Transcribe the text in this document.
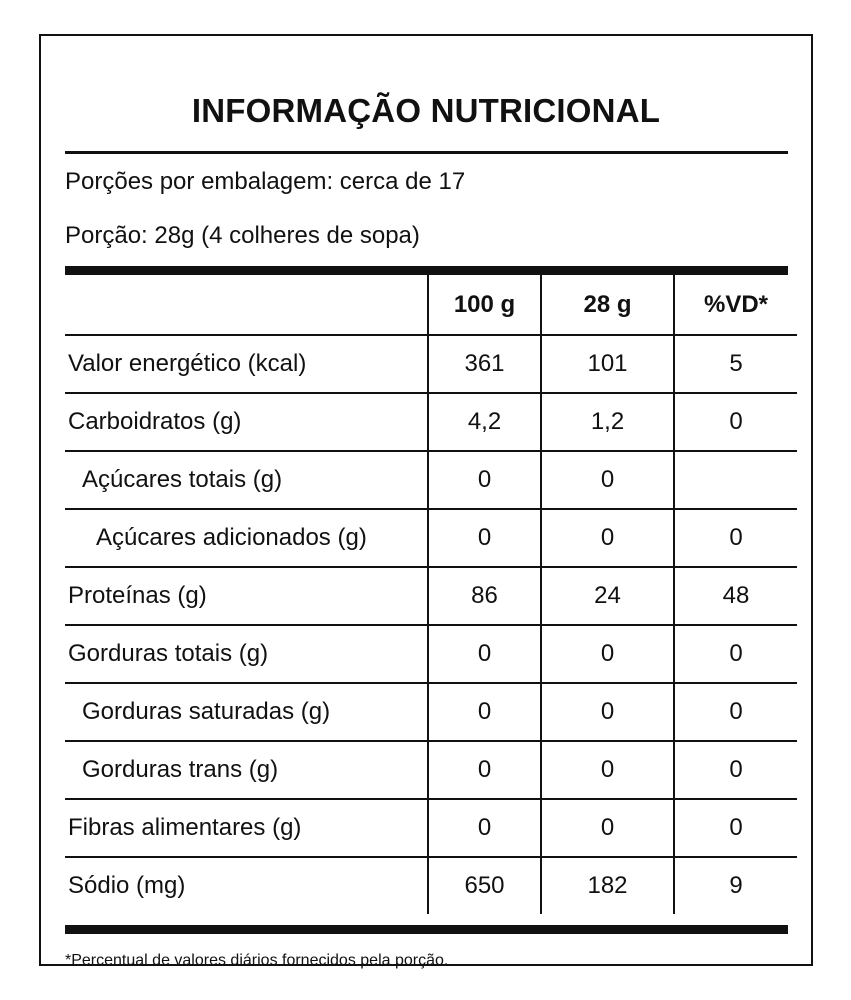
INFORMAÇÃO NUTRICIONAL
Porções por embalagem: cerca de 17
Porção: 28g (4 colheres de sopa)
	100 g	28 g	%VD*
Valor energético (kcal)	361	101	5
Carboidratos (g)	4,2	1,2	0
Açúcares totais (g)	0	0	
Açúcares adicionados (g)	0	0	0
Proteínas (g)	86	24	48
Gorduras totais (g)	0	0	0
Gorduras saturadas (g)	0	0	0
Gorduras trans (g)	0	0	0
Fibras alimentares (g)	0	0	0
Sódio (mg)	650	182	9
*Percentual de valores diários fornecidos pela porção.
